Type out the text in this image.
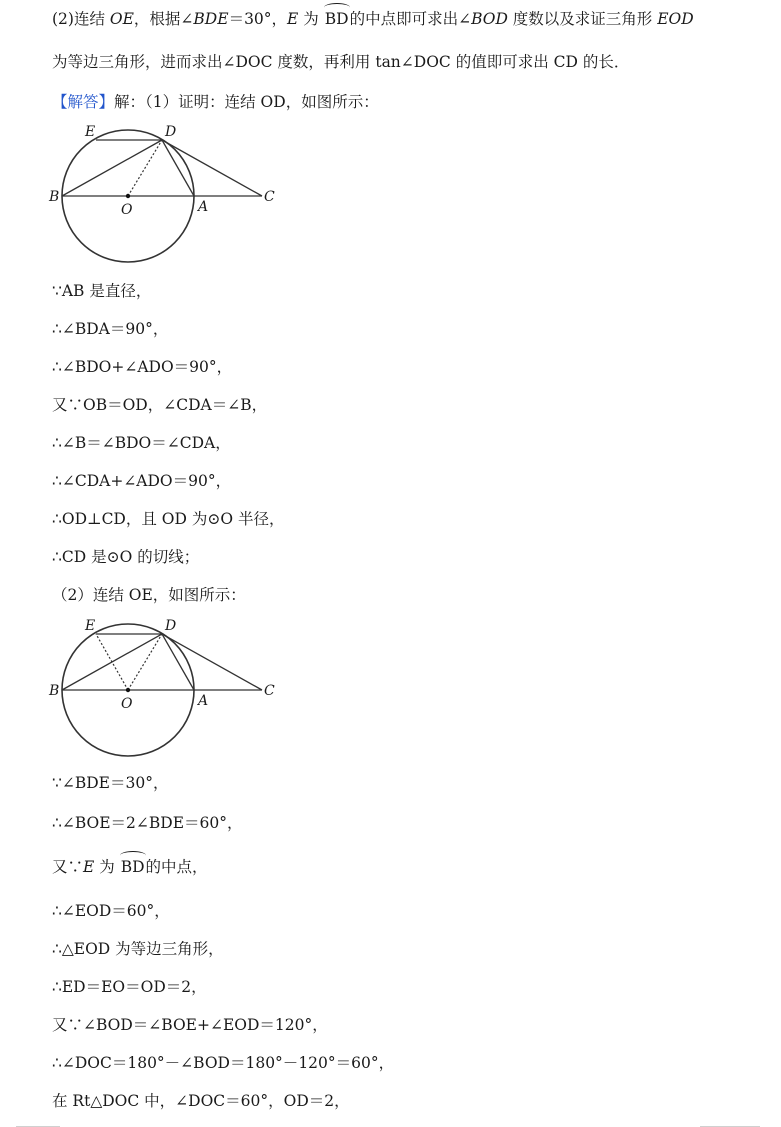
(2)连结 OE，根据∠BDE＝30°，E 为 BD的中点即可求出∠BOD 度数以及求证三角形 EOD
为等边三角形，进而求出∠DOC 度数，再利用 tan∠DOC 的值即可求出 CD 的长．
【解答】解：（1）证明：连结 OD，如图所示：
E	D
B
O	A
C
∵AB 是直径，
∴∠BDA＝90°，
∴∠BDO+∠ADO＝90°，
又∵OB＝OD，∠CDA＝∠B，
∴∠B＝∠BDO＝∠CDA，
∴∠CDA+∠ADO＝90°，
∴OD⊥CD，且 OD 为⊙O 半径，
∴CD 是⊙O 的切线；
（2）连结 OE，如图所示：
E	D
B
O	A
C
∵∠BDE＝30°，
∴∠BOE＝2∠BDE＝60°，
又∵E 为 BD的中点，
∴∠EOD＝60°，
∴△EOD 为等边三角形，
∴ED＝EO＝OD＝2，
又∵∠BOD＝∠BOE+∠EOD＝120°，
∴∠DOC＝180°－∠BOD＝180°－120°＝60°，
在 Rt△DOC 中，∠DOC＝60°，OD＝2，
